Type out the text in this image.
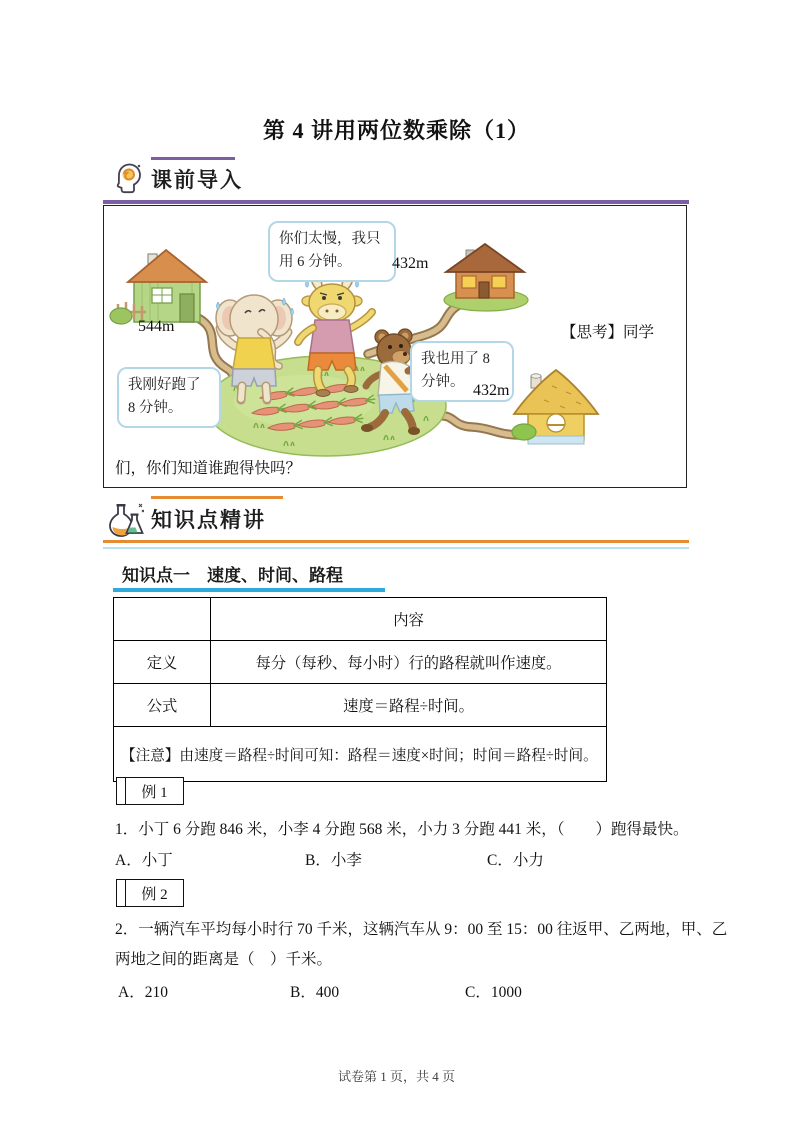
第 4 讲用两位数乘除（1）
课前导入
你们太慢，我只用 6 分钟。
我也用了 8 分钟。
我刚好跑了 8 分钟。
544m
432m
432m
【思考】同学
们，你们知道谁跑得快吗？
知识点精讲
知识点一　速度、时间、路程
	内容
定义	每分（每秒、每小时）行的路程就叫作速度。
公式	速度＝路程÷时间。
【注意】由速度＝路程÷时间可知：路程＝速度×时间；时间＝路程÷时间。	
例 1
1．小丁 6 分跑 846 米，小李 4 分跑 568 米，小力 3 分跑 441 米，（　　）跑得最快。
A．小丁	B．小李	C．小力
例 2
2．一辆汽车平均每小时行 70 千米，这辆汽车从 9：00 至 15：00 往返甲、乙两地，甲、乙
两地之间的距离是（　）千米。
A．210	B．400	C．1000
试卷第 1 页，共 4 页
